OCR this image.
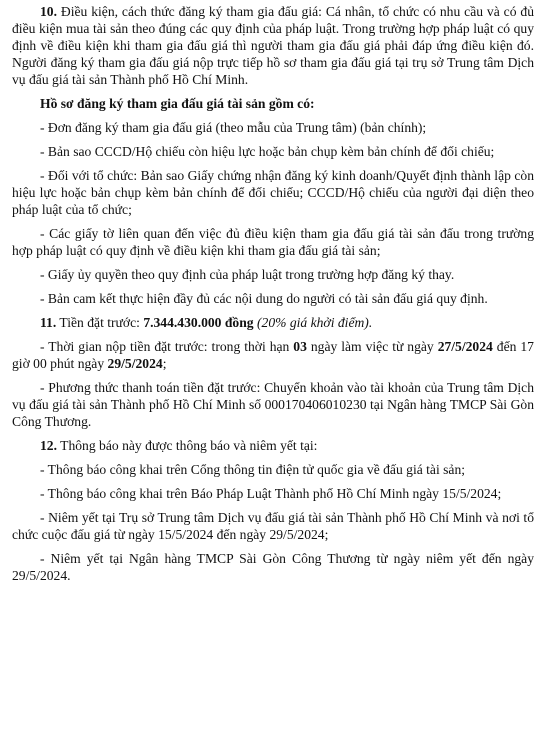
10. Điều kiện, cách thức đăng ký tham gia đấu giá: Cá nhân, tổ chức có nhu cầu và có đủ điều kiện mua tài sản theo đúng các quy định của pháp luật. Trong trường hợp pháp luật có quy định về điều kiện khi tham gia đấu giá thì người tham gia đấu giá phải đáp ứng điều kiện đó. Người đăng ký tham gia đấu giá nộp trực tiếp hồ sơ tham gia đấu giá tại trụ sở Trung tâm Dịch vụ đấu giá tài sản Thành phố Hồ Chí Minh.

Hồ sơ đăng ký tham gia đấu giá tài sản gồm có:

- Đơn đăng ký tham gia đấu giá (theo mẫu của Trung tâm) (bản chính);

- Bản sao CCCD/Hộ chiếu còn hiệu lực hoặc bản chụp kèm bản chính để đối chiếu;

- Đối với tổ chức: Bản sao Giấy chứng nhận đăng ký kinh doanh/Quyết định thành lập còn hiệu lực hoặc bản chụp kèm bản chính để đối chiếu; CCCD/Hộ chiếu của người đại diện theo pháp luật của tổ chức;

- Các giấy tờ liên quan đến việc đủ điều kiện tham gia đấu giá tài sản đấu trong trường hợp pháp luật có quy định về điều kiện khi tham gia đấu giá tài sản;

- Giấy ủy quyền theo quy định của pháp luật trong trường hợp đăng ký thay.

- Bản cam kết thực hiện đầy đủ các nội dung do người có tài sản đấu giá quy định.

11. Tiền đặt trước: 7.344.430.000 đồng (20% giá khởi điểm).

- Thời gian nộp tiền đặt trước: trong thời hạn 03 ngày làm việc từ ngày 27/5/2024 đến 17 giờ 00 phút ngày 29/5/2024;

- Phương thức thanh toán tiền đặt trước: Chuyển khoản vào tài khoản của Trung tâm Dịch vụ đấu giá tài sản Thành phố Hồ Chí Minh số 000170406010230 tại Ngân hàng TMCP Sài Gòn Công Thương.

12. Thông báo này được thông báo và niêm yết tại:

- Thông báo công khai trên Cổng thông tin điện tử quốc gia về đấu giá tài sản;

- Thông báo công khai trên Báo Pháp Luật Thành phố Hồ Chí Minh ngày 15/5/2024;

- Niêm yết tại Trụ sở Trung tâm Dịch vụ đấu giá tài sản Thành phố Hồ Chí Minh và nơi tổ chức cuộc đấu giá từ ngày 15/5/2024 đến ngày 29/5/2024;

- Niêm yết tại Ngân hàng TMCP Sài Gòn Công Thương từ ngày niêm yết đến ngày 29/5/2024.
